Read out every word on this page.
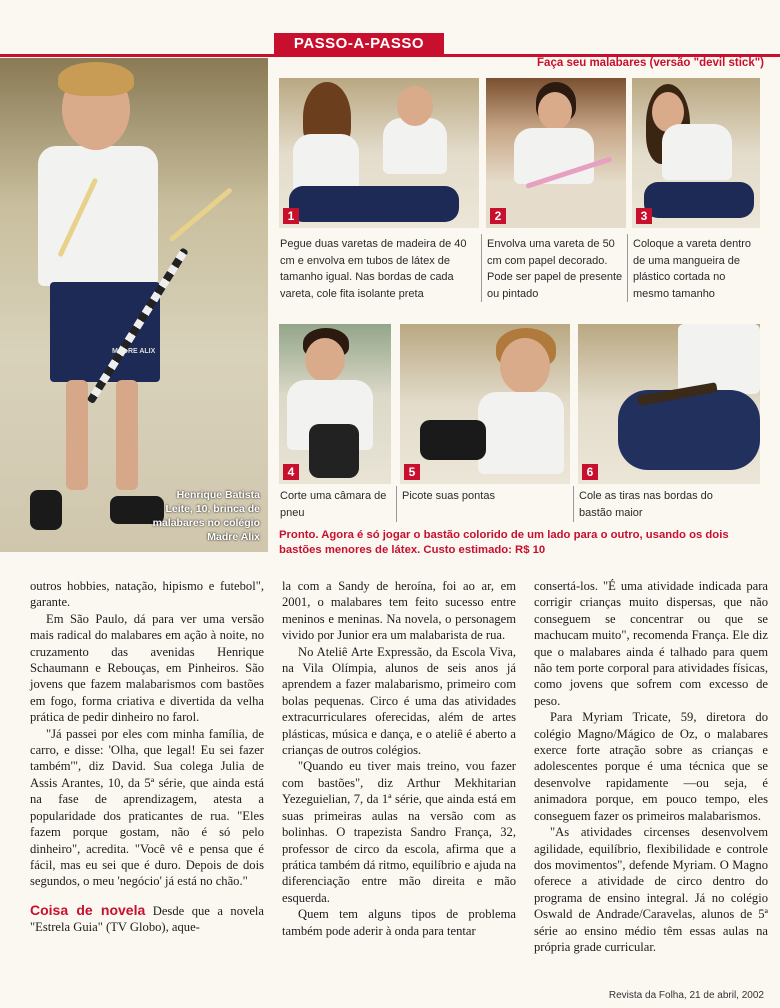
PASSO-A-PASSO
Faça seu malabares (versão "devil stick")
MADRE ALIX
Henrique Batista Leite, 10, brinca de malabares no colégio Madre Alix
1	2	3
Pegue duas varetas de madeira de 40 cm e envolva em tubos de látex de tamanho igual. Nas bordas de cada vareta, cole fita isolante preta
Envolva uma vareta de 50 cm com papel decorado. Pode ser papel de presente ou pintado
Coloque a vareta dentro de uma mangueira de plástico cortada no mesmo tamanho
4	5	6
Corte uma câmara de pneu
Picote suas pontas	Cole as tiras nas bordas do bastão maior
Pronto. Agora é só jogar o bastão colorido de um lado para o outro, usando os dois bastões menores de látex. Custo estimado: R$ 10

outros hobbies, natação, hipismo e futebol", garante.

Em São Paulo, dá para ver uma versão mais radical do malabares em ação à noite, no cruzamento das avenidas Henrique Schaumann e Rebouças, em Pinheiros. São jovens que fazem malabarismos com bastões em fogo, forma criativa e divertida da velha prática de pedir dinheiro no farol.

"Já passei por eles com minha família, de carro, e disse: 'Olha, que legal! Eu sei fazer também'", diz David. Sua colega Julia de Assis Arantes, 10, da 5ª série, que ainda está na fase de aprendizagem, atesta a popularidade dos praticantes de rua. "Eles fazem porque gostam, não é só pelo dinheiro", acredita. "Você vê e pensa que é fácil, mas eu sei que é duro. Depois de dois segundos, o meu 'negócio' já está no chão."

Coisa de novela Desde que a novela "Estrela Guia" (TV Globo), aque-

la com a Sandy de heroína, foi ao ar, em 2001, o malabares tem feito sucesso entre meninos e meninas. Na novela, o personagem vivido por Junior era um malabarista de rua.

No Ateliê Arte Expressão, da Escola Viva, na Vila Olímpia, alunos de seis anos já aprendem a fazer malabarismo, primeiro com bolas pequenas. Circo é uma das atividades extracurriculares oferecidas, além de artes plásticas, música e dança, e o ateliê é aberto a crianças de outros colégios.

"Quando eu tiver mais treino, vou fazer com bastões", diz Arthur Mekhitarian Yezeguielian, 7, da 1ª série, que ainda está em suas primeiras aulas na versão com as bolinhas. O trapezista Sandro França, 32, professor de circo da escola, afirma que a prática também dá ritmo, equilíbrio e ajuda na diferenciação entre mão direita e mão esquerda.

Quem tem alguns tipos de problema também pode aderir à onda para tentar

consertá-los. "É uma atividade indicada para corrigir crianças muito dispersas, que não conseguem se concentrar ou que se machucam muito", recomenda França. Ele diz que o malabares ainda é talhado para quem não tem porte corporal para atividades físicas, como jovens que sofrem com excesso de peso.

Para Myriam Tricate, 59, diretora do colégio Magno/Mágico de Oz, o malabares exerce forte atração sobre as crianças e adolescentes porque é uma técnica que se desenvolve rapidamente —ou seja, é animadora porque, em pouco tempo, eles conseguem fazer os primeiros malabarismos.

"As atividades circenses desenvolvem agilidade, equilíbrio, flexibilidade e controle dos movimentos", defende Myriam. O Magno oferece a atividade de circo dentro do programa de ensino integral. Já no colégio Oswald de Andrade/Caravelas, alunos de 5ª série ao ensino médio têm essas aulas na própria grade curricular.

Revista da Folha, 21 de abril, 2002
